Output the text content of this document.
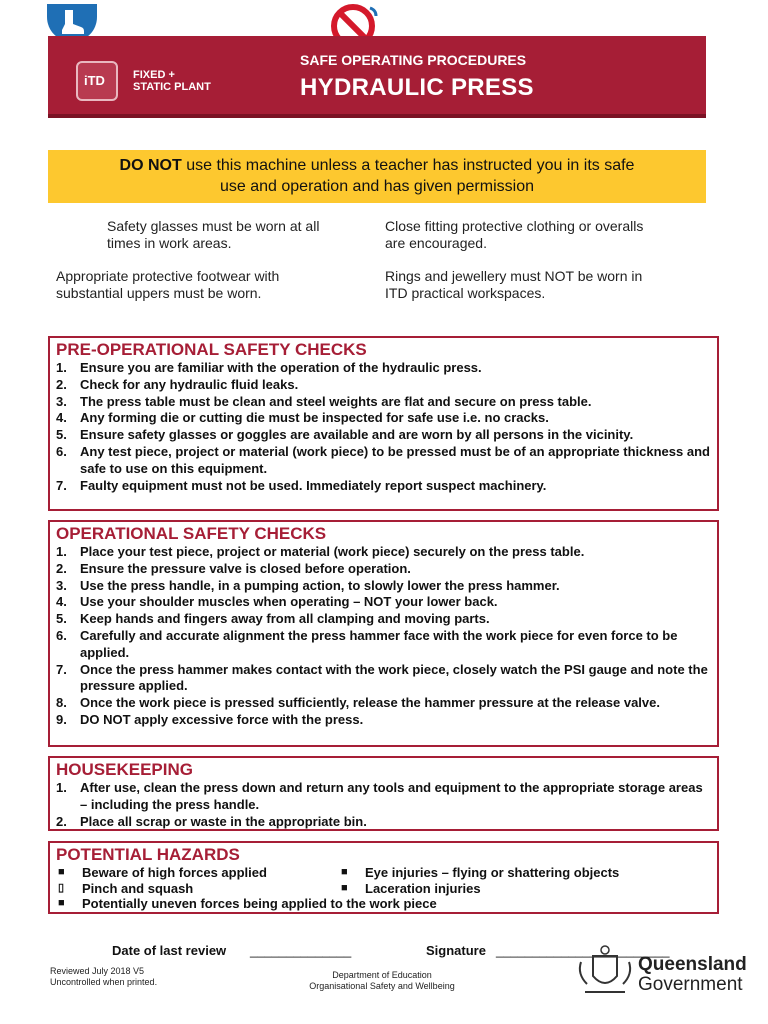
iTD	FIXED +
STATIC PLANT
SAFE OPERATING PROCEDURES
HYDRAULIC PRESS
DO NOT use this machine unless a teacher has instructed you in its safe
use and operation and has given permission
Safety glasses must be worn at all
times in work areas.
Close fitting protective clothing or overalls
are encouraged.
Appropriate protective footwear with
substantial uppers must be worn.
Rings and jewellery must NOT be worn in
ITD practical workspaces.
PRE-OPERATIONAL SAFETY CHECKS
1. Ensure you are familiar with the operation of the hydraulic press.
2. Check for any hydraulic fluid leaks.
3. The press table must be clean and steel weights are flat and secure on press table.
4. Any forming die or cutting die must be inspected for safe use i.e. no cracks.
5. Ensure safety glasses or goggles are available and are worn by all persons in the vicinity.
6. Any test piece, project or material (work piece) to be pressed must be of an appropriate thickness and safe to use on this equipment.
7. Faulty equipment must not be used. Immediately report suspect machinery.
OPERATIONAL SAFETY CHECKS
1. Place your test piece, project or material (work piece) securely on the press table.
2. Ensure the pressure valve is closed before operation.
3. Use the press handle, in a pumping action, to slowly lower the press hammer.
4. Use your shoulder muscles when operating – NOT your lower back.
5. Keep hands and fingers away from all clamping and moving parts.
6. Carefully and accurate alignment the press hammer face with the work piece for even force to be applied.
7. Once the press hammer makes contact with the work piece, closely watch the PSI gauge and note the pressure applied.
8. Once the work piece is pressed sufficiently, release the hammer pressure at the release valve.
9. DO NOT apply excessive force with the press.
HOUSEKEEPING
1. After use, clean the press down and return any tools and equipment to the appropriate storage areas – including the press handle.
2. Place all scrap or waste in the appropriate bin.
POTENTIAL HAZARDS
■ Beware of high forces applied	■ Eye injuries – flying or shattering objects
▯ Pinch and squash	■ Laceration injuries
■ Potentially uneven forces being applied to the work piece
Date of last review ______________	Signature ________________________
Reviewed July 2018 V5
Uncontrolled when printed.
Department of Education
Organisational Safety and Wellbeing
Queensland
Government
